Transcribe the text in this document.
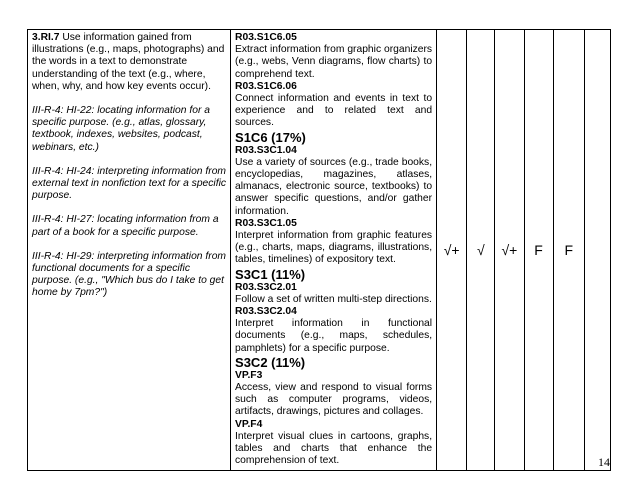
3.RI.7 Use information gained from illustrations (e.g., maps, photographs) and the words in a text to demonstrate understanding of the text (e.g., where, when, why, and how key events occur).
III-R-4: HI-22: locating information for a specific purpose. (e.g., atlas, glossary, textbook, indexes, websites, podcast, webinars, etc.)
III-R-4: HI-24: interpreting information from external text in nonfiction text for a specific purpose.
III-R-4: HI-27: locating information from a part of a book for a specific purpose.
III-R-4: HI-29: interpreting information from functional documents for a specific purpose. (e.g., "Which bus do I take to get home by 7pm?")

R03.S1C6.05
Extract information from graphic organizers (e.g., webs, Venn diagrams, flow charts) to comprehend text.
R03.S1C6.06
Connect information and events in text to experience and to related text and sources.
S1C6 (17%)
R03.S3C1.04
Use a variety of sources (e.g., trade books, encyclopedias, magazines, atlases, almanacs, electronic source, textbooks) to answer specific questions, and/or gather information.
R03.S3C1.05
Interpret information from graphic features (e.g., charts, maps, diagrams, illustrations, tables, timelines) of expository text.
S3C1 (11%)
R03.S3C2.01
Follow a set of written multi-step directions.
R03.S3C2.04
Interpret information in functional documents (e.g., maps, schedules, pamphlets) for a specific purpose.
S3C2 (11%)
VP.F3
Access, view and respond to visual forms such as computer programs, videos, artifacts, drawings, pictures and collages.
VP.F4
Interpret visual clues in cartoons, graphs, tables and charts that enhance the comprehension of text.
	√+	√	√+	F	F	
14
